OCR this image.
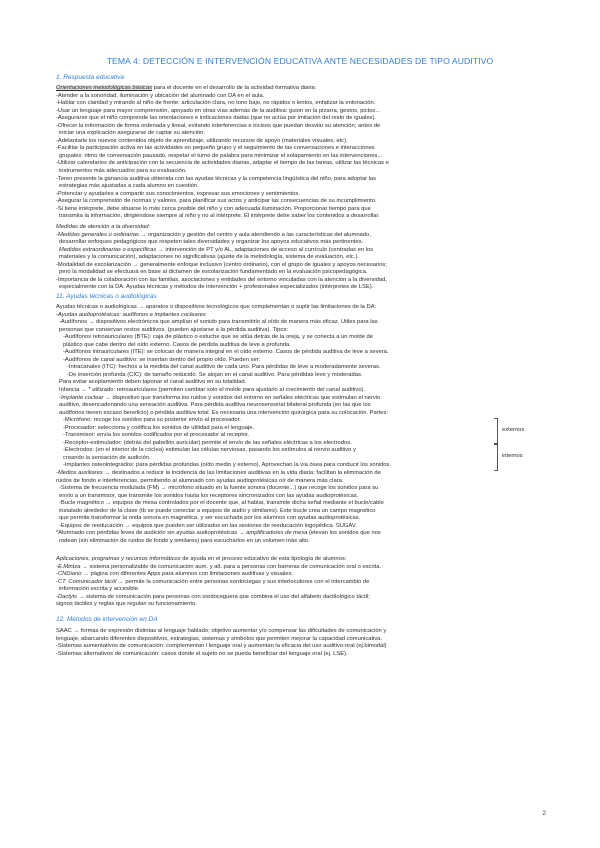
TEMA 4: DETECCIÓN E INTERVENCIÓN EDUCATIVA ANTE NECESIDADES DE TIPO AUDITIVO
1. Respuesta educativa

Orientaciones metodológicas básicas para el docente en el desarrollo de la actividad formativa diaria:

-Atender a la sonoridad, iluminación y ubicación del alumnado con DA en el aula.

-Hablar con claridad y mirando al niño de frente: articulación clara, no tono bajo, no rápidos o lentos, enfatizar la entonación.

-Usar un lenguaje para mayor comprensión, apoyado en otras vías además de la auditiva: guion en la pizarra, gestos, pictos...

-Asegurarse que el niño comprende las orientaciones e indicaciones dadas (que no actúa por imitación del resto de iguales).

-Ofrecer la información de forma ordenada y lineal, evitando interferencias e incisos que puedan desviar su atención; antes de

iniciar una explicación asegurarse de captar su atención.

-Adelantarle los nuevos contenidos objeto de aprendizaje, utilizando recursos de apoyo (materiales visuales, etc).

-Facilitar la participación activa en las actividades en pequeño grupo y el seguimiento de las conversaciones e interacciones

grupales: ritmo de conversación pausado, respetar el turno de palabra para minimizar el solapamiento en las intervenciones...

-Utilizar calendarios de anticipación con la secuencia de actividades diarias, adaptar el tiempo de las tareas, utilizar las técnicas e

instrumentos más adecuados para su evaluación.

-Tener presente la ganancia auditiva obtenida con las ayudas técnicas y la competencia lingüística del niño, para adoptar las

estrategias más ajustadas a cada alumno en cuestión.

-Potenciar y ayudarles a compartir sus conocimientos, expresar sus emociones y sentimientos.

-Asegurar la comprensión de normas y valores, para planificar sus actos y anticipar las consecuencias de su incumplimiento.

-Si tiene intérprete, debe situarse lo más cerca posible del niño y con adecuada iluminación. Proporcionar tiempo para que

transmita la información, dirigiéndose siempre al niño y no al intérprete. El intérprete debe saber los contenidos a desarrollar.

Medidas de atención a la diversidad:

-Medidas generales u ordinarias → organización y gestión del centro y aula atendiendo a las características del alumnado,

desarrollar enfoques pedagógicos que respeten tales diversidades y organizar los apoyos educativos más pertinentes.

Medidas extraordinarias o específicas → intervención de PT y/o AL, adaptaciones de acceso al currículo (centradas en los

materiales y la comunicación), adaptaciones no significativas (ajuste de la metodología, sistema de evaluación, etc.).

-Modalidad de escolarización → generalmente enfoque inclusivo (centro ordinario), con el grupo de iguales y apoyos necesarios;

pero la modalidad se efectuará en base al dictamen de escolarización fundamentado en la evaluación psicopedagógica.

-Importancia de la colaboración con las familias, asociaciones y entidades del entorno vinculadas con la atención a la diversidad,

especialmente con la DA. Ayudas técnicas y métodos de intervención + profesionales especializados (intérpretes de LSE).

11. Ayudas técnicas o audiológicas

Ayudas técnicas o audiológicas → aparatos o dispositivos tecnológicos que complementan o suplir las limitaciones de la DA:

-Ayudas audioprotésicas: audífonos e implantes cocleares

-Audífonos → dispositivos electrónicos que amplían el sonido para transmitirlo al oído de manera más eficaz. Útiles para las

personas que conservan restos auditivos. (pueden ajustarse a la pérdida auditiva). Tipos:

-Audífonos retroauriculares (BTE): caja de plástico o estuche que se sitúa detrás de la oreja, y se conecta a un molde de

plástico que cabe dentro del oído externo. Casos de pérdida auditiva de leve a profunda.

-Audífonos intrauriculares (ITE): se colocan de manera integral en el oído externo. Casos de pérdida auditiva de leve a severa.

-Audífonos de canal auditivo: se insertan dentro del propio oído. Pueden ser:

-Intracanales (ITC): hechos a la medida del canal auditivo de cada uno. Para pérdidas de leve a moderadamente severas.

-De inserción profunda (CIC): de tamaño reducido. Se alojan en el canal auditivo. Para pérdidas leve y moderadas.

Para evitar acoplamiento deben taponar el canal auditivo en su totalidad.

Infancia → * utilizado: retroauriculares (permiten cambiar solo el molde para ajustarlo al crecimiento del canal auditivo).

-Implante coclear → dispositivo que transforma los ruidos y sonidos del entorno en señales eléctricas que estimulan el nervio

auditivo, desencadenando una sensación auditiva. Para pérdida auditiva neurosensorial bilateral profunda (en las que los

audífonos tienen escaso beneficio) o pérdida auditiva total. Es necesaria una intervención quirúrgica para su colocación. Partes:

-Micrófono: recoge los sonidos para su posterior envío al procesador.

-Procesador: selecciona y codifica los sonidos de utilidad para el lenguaje.

-Transmisor: envía los sonidos codificados por el procesador al receptor.

-Receptor-estimulador: (detrás del pabellón auricular) permite el envío de las señales eléctricas a los electrodos.

-Electrodos: (en el interior de la cóclea) estimulan las células nerviosas, pasando los estímulos al nervio auditivo y

creando la sensación de audición.

-Implantes osteointegrados: para pérdidas profundas (oído medio y externo). Aprovechan la vía ósea para conducir los sonidos.

-Medios auxiliares → destinados a reducir la incidencia de las limitaciones auditivas en la vida diaria; facilitan la eliminación de

ruidos de fondo e interferencias, permitiendo al alumnado con ayudas audioprotésicas oír de manera más clara.

-Sistema de frecuencia modulada (FM) → micrófono situado en la fuente sonora (docente...) que recoge los sonidos para su

envío a un transmisor, que transmite los sonidos hasta los receptores sincronizados con las ayudas audioprotésicas.

-Bucle magnético → equipos de mesa controlados por el docente que, al hablar, transmite dicha señal mediante el bucle/cable

instalado alrededor de la clase (tb se puede conectar a equipos de audio y similares). Este bucle crea un campo magnético

que permite transformar la onda sonora en magnética, y ser escuchada por los alumnos con ayudas audioprotésicas.

-Equipos de reeducación → equipos que pueden ser utilizados en las sesiones de reeducación logopédica. SUGAV.

*Alumnado con pérdidas leves de audición sin ayudas audioprotésicas → amplificadores de mesa (elevan los sonidos que nos

rodean (sin eliminación de ruidos de fondo y similares) para escucharlos en un volumen más alto.

externos
internos

Aplicaciones, programas y recursos informáticos de ayuda en el proceso educativo de esta tipología de alumnos:

-E.Mintza → sistema personalizable de comunicación aum. y alt. para a personas con barreras de comunicación oral o escrita.

-CNDiario → página con diferentes Apps para alumnos con limitaciones auditivas y visuales.

-CT. Comunicador táctil → permite la comunicación entre personas sordociegas y sus interlocutores con el intercambio de

información escrita y accesible.

-Dactyls → sistema de comunicación para personas con sordoceguera que combina el uso del alfabeto dactilológico táctil;

signos táctiles y reglas que regulan su funcionamiento.

12. Métodos de intervención en DA

SAAC → formas de expresión distintas al lenguaje hablado; objetivo aumentar y/o compensar las dificultades de comunicación y

lenguaje, abarcando diferentes dispositivos, estrategias, sistemas y símbolos que permiten mejorar la capacidad comunicativa.

-Sistemas aumentativos de comunicación: complementan l lenguaje oral y aumentan la eficacia del uso auditivo-oral (ej.bimodal)

-Sistemas alternativos de comunicación: casos donde el sujeto no se pueda beneficiar del lenguaje oral (ej. LSE).

2
